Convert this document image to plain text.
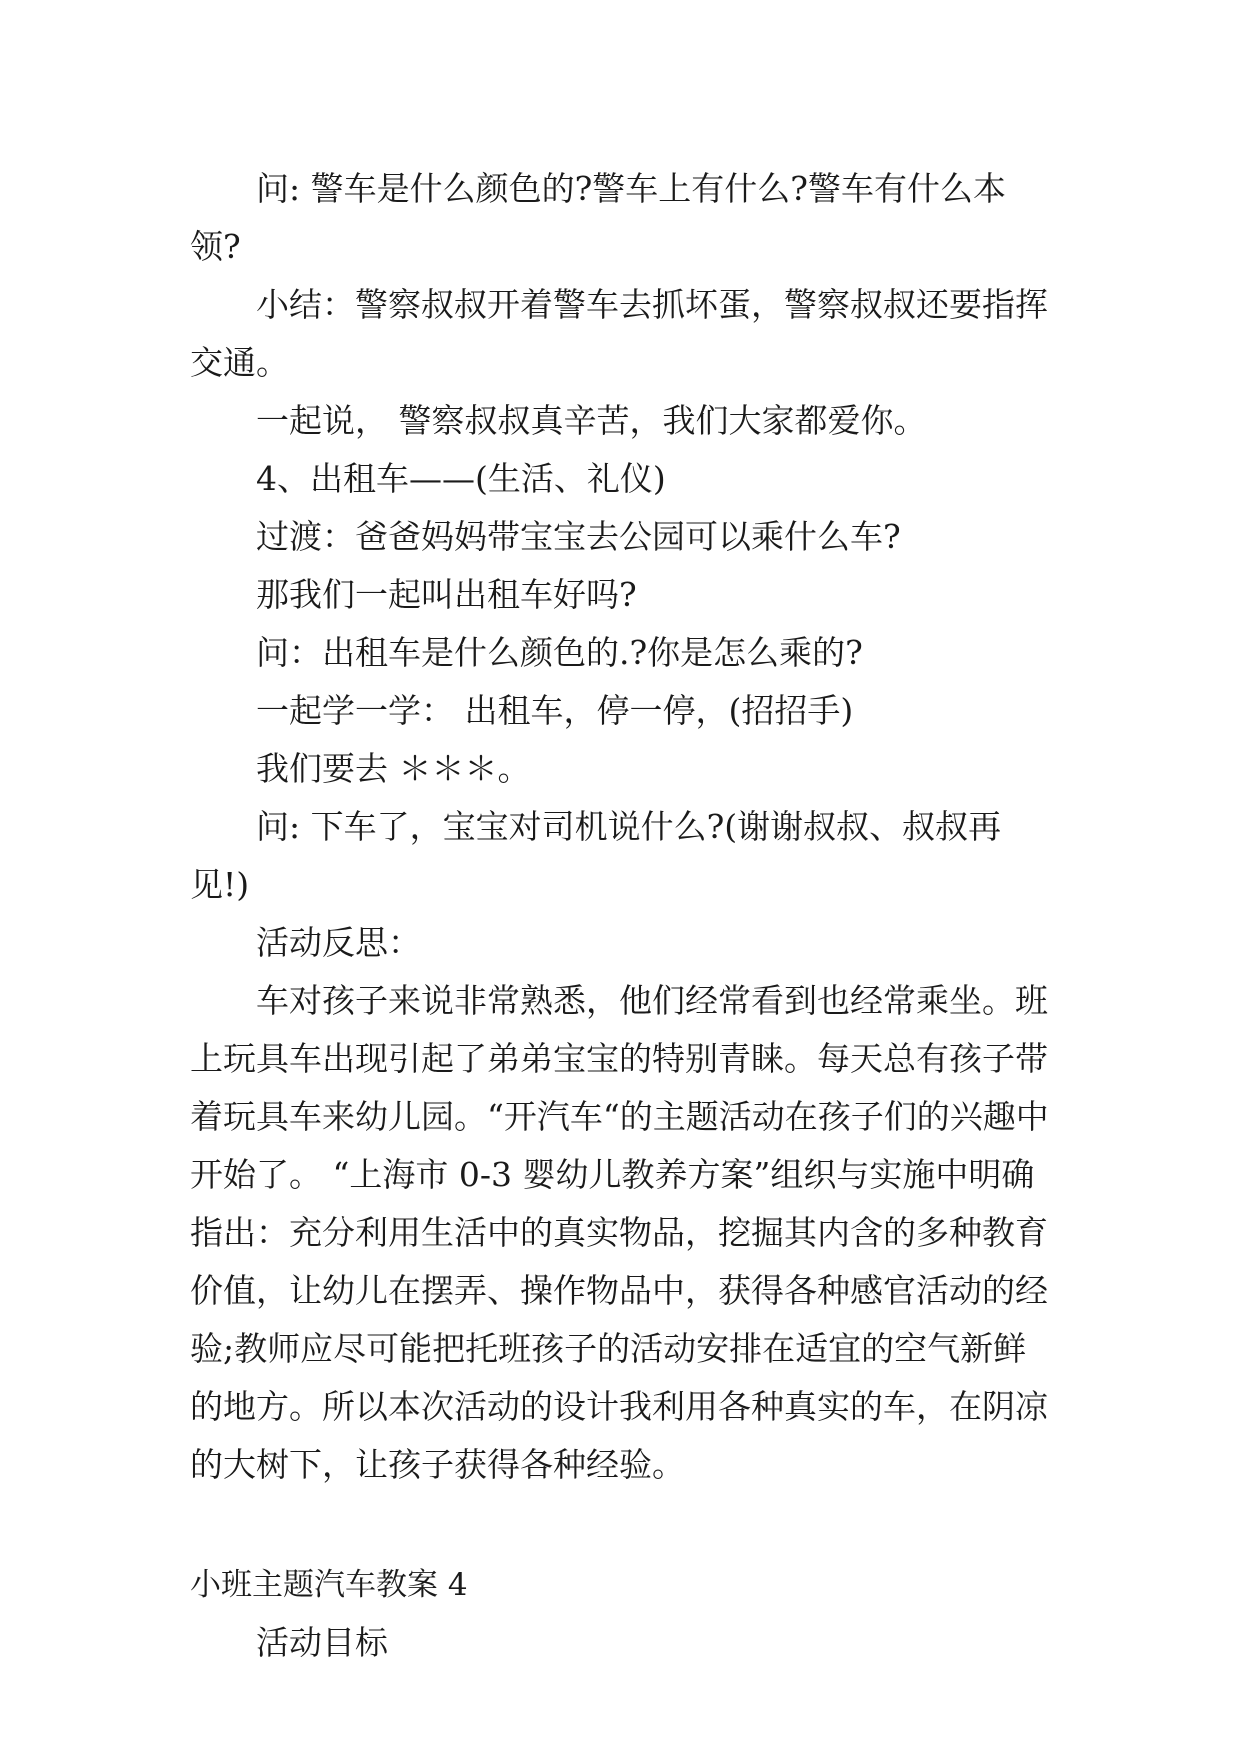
问: 警车是什么颜色的?警车上有什么?警车有什么本领?

小结：警察叔叔开着警车去抓坏蛋，警察叔叔还要指挥交通。

一起说， 警察叔叔真辛苦，我们大家都爱你。

4、出租车——(生活、礼仪)

过渡：爸爸妈妈带宝宝去公园可以乘什么车?

那我们一起叫出租车好吗?

问：出租车是什么颜色的.?你是怎么乘的?

一起学一学： 出租车，停一停，(招招手)

我们要去 ＊＊＊。

问: 下车了，宝宝对司机说什么?(谢谢叔叔、叔叔再见!)

活动反思：

车对孩子来说非常熟悉，他们经常看到也经常乘坐。班上玩具车出现引起了弟弟宝宝的特别青睐。每天总有孩子带着玩具车来幼儿园。“开汽车“的主题活动在孩子们的兴趣中开始了。 “上海市 0-3 婴幼儿教养方案”组织与实施中明确指出：充分利用生活中的真实物品，挖掘其内含的多种教育价值，让幼儿在摆弄、操作物品中，获得各种感官活动的经验;教师应尽可能把托班孩子的活动安排在适宜的空气新鲜的地方。所以本次活动的设计我利用各种真实的车，在阴凉的大树下，让孩子获得各种经验。

小班主题汽车教案 4

活动目标
